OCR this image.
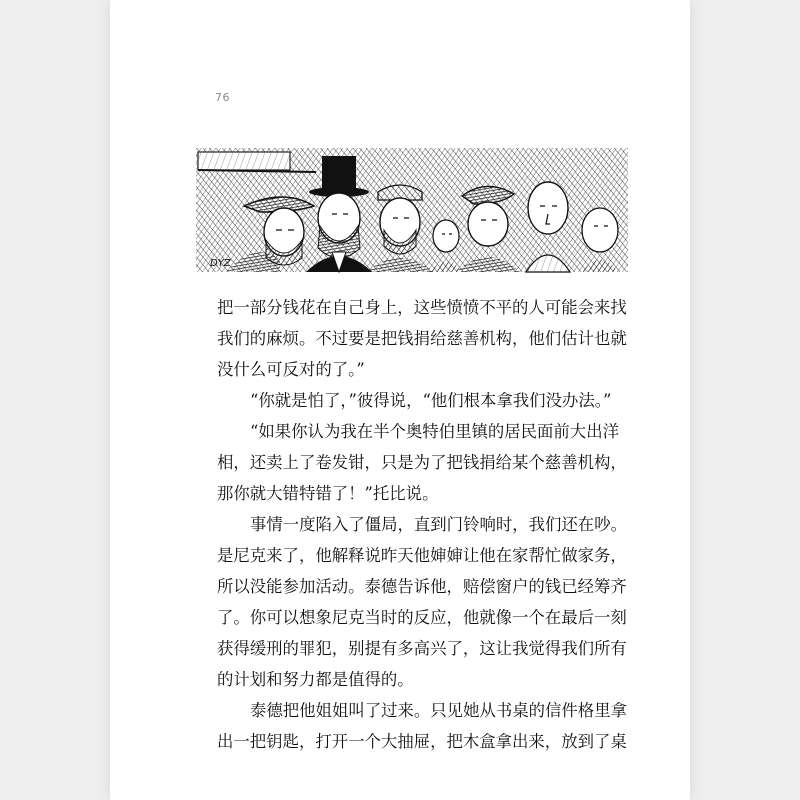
76
DYZ
把一部分钱花在自己身上，这些愤愤不平的人可能会来找
我们的麻烦。不过要是把钱捐给慈善机构，他们估计也就
没什么可反对的了。”
“你就是怕了，”彼得说，“他们根本拿我们没办法。”
“如果你认为我在半个奥特伯里镇的居民面前大出洋
相，还卖上了卷发钳，只是为了把钱捐给某个慈善机构，
那你就大错特错了！”托比说。
事情一度陷入了僵局，直到门铃响时，我们还在吵。
是尼克来了，他解释说昨天他婶婶让他在家帮忙做家务，
所以没能参加活动。泰德告诉他，赔偿窗户的钱已经筹齐
了。你可以想象尼克当时的反应，他就像一个在最后一刻
获得缓刑的罪犯，别提有多高兴了，这让我觉得我们所有
的计划和努力都是值得的。
泰德把他姐姐叫了过来。只见她从书桌的信件格里拿
出一把钥匙，打开一个大抽屉，把木盒拿出来，放到了桌
